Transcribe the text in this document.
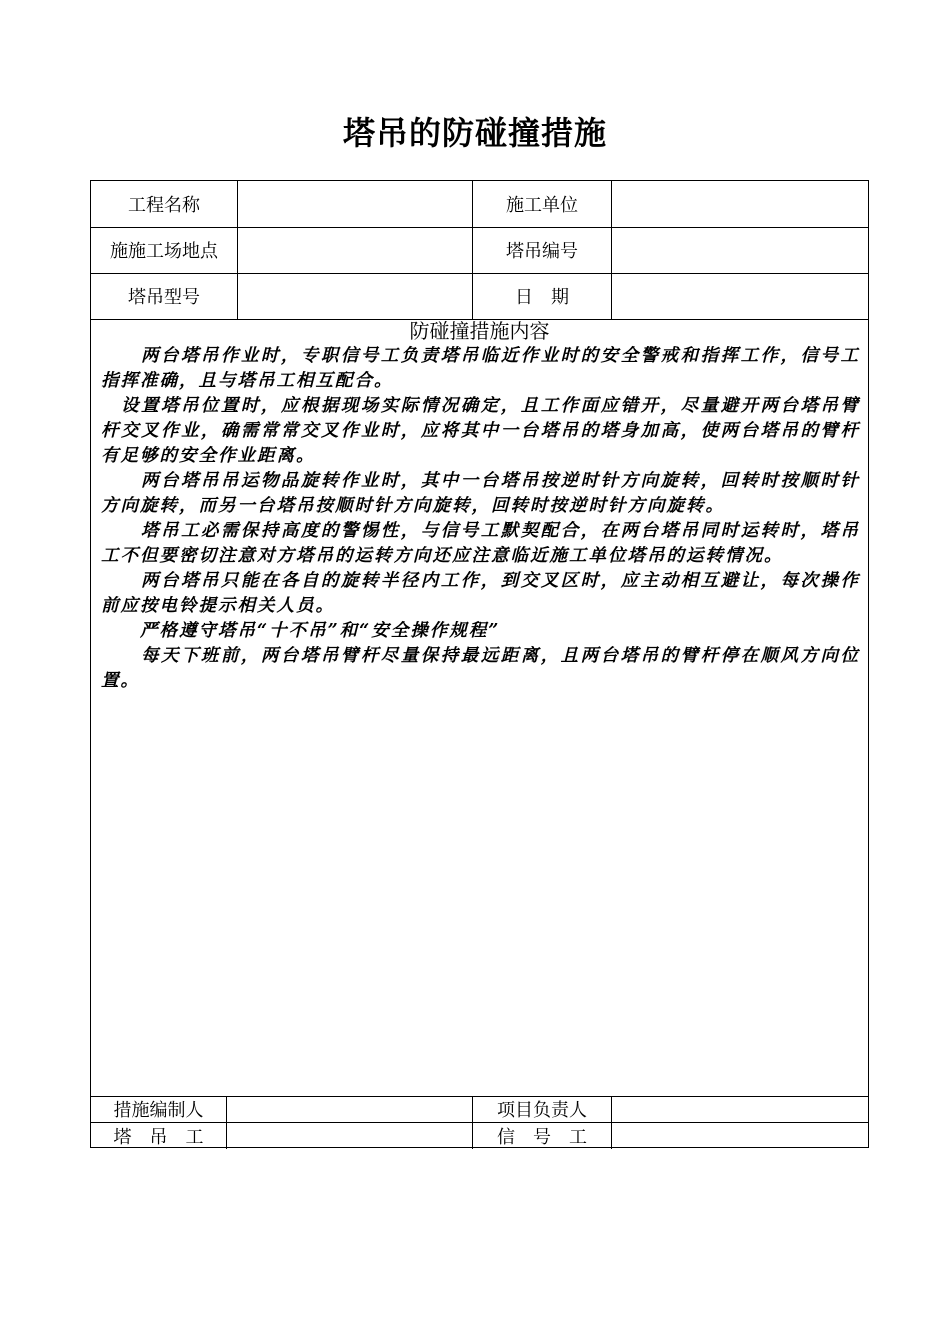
塔吊的防碰撞措施
工程名称	施工单位
施施工场地点	塔吊编号
塔吊型号	日　期
防碰撞措施内容

　　两台塔吊作业时，专职信号工负责塔吊临近作业时的安全警戒和指挥工作，信号工指挥准确，且与塔吊工相互配合。

　设置塔吊位置时，应根据现场实际情况确定，且工作面应错开，尽量避开两台塔吊臂杆交叉作业，确需常常交叉作业时，应将其中一台塔吊的塔身加高，使两台塔吊的臂杆有足够的安全作业距离。

　　两台塔吊吊运物品旋转作业时，其中一台塔吊按逆时针方向旋转，回转时按顺时针方向旋转，而另一台塔吊按顺时针方向旋转，回转时按逆时针方向旋转。

　　塔吊工必需保持高度的警惕性，与信号工默契配合，在两台塔吊同时运转时，塔吊工不但要密切注意对方塔吊的运转方向还应注意临近施工单位塔吊的运转情况。

　　两台塔吊只能在各自的旋转半径内工作，到交叉区时，应主动相互避让，每次操作前应按电铃提示相关人员。

　　严格遵守塔吊“十不吊”和“安全操作规程”

　　每天下班前，两台塔吊臂杆尽量保持最远距离，且两台塔吊的臂杆停在顺风方向位置。

措施编制人	项目负责人
塔　吊　工	信　号　工
